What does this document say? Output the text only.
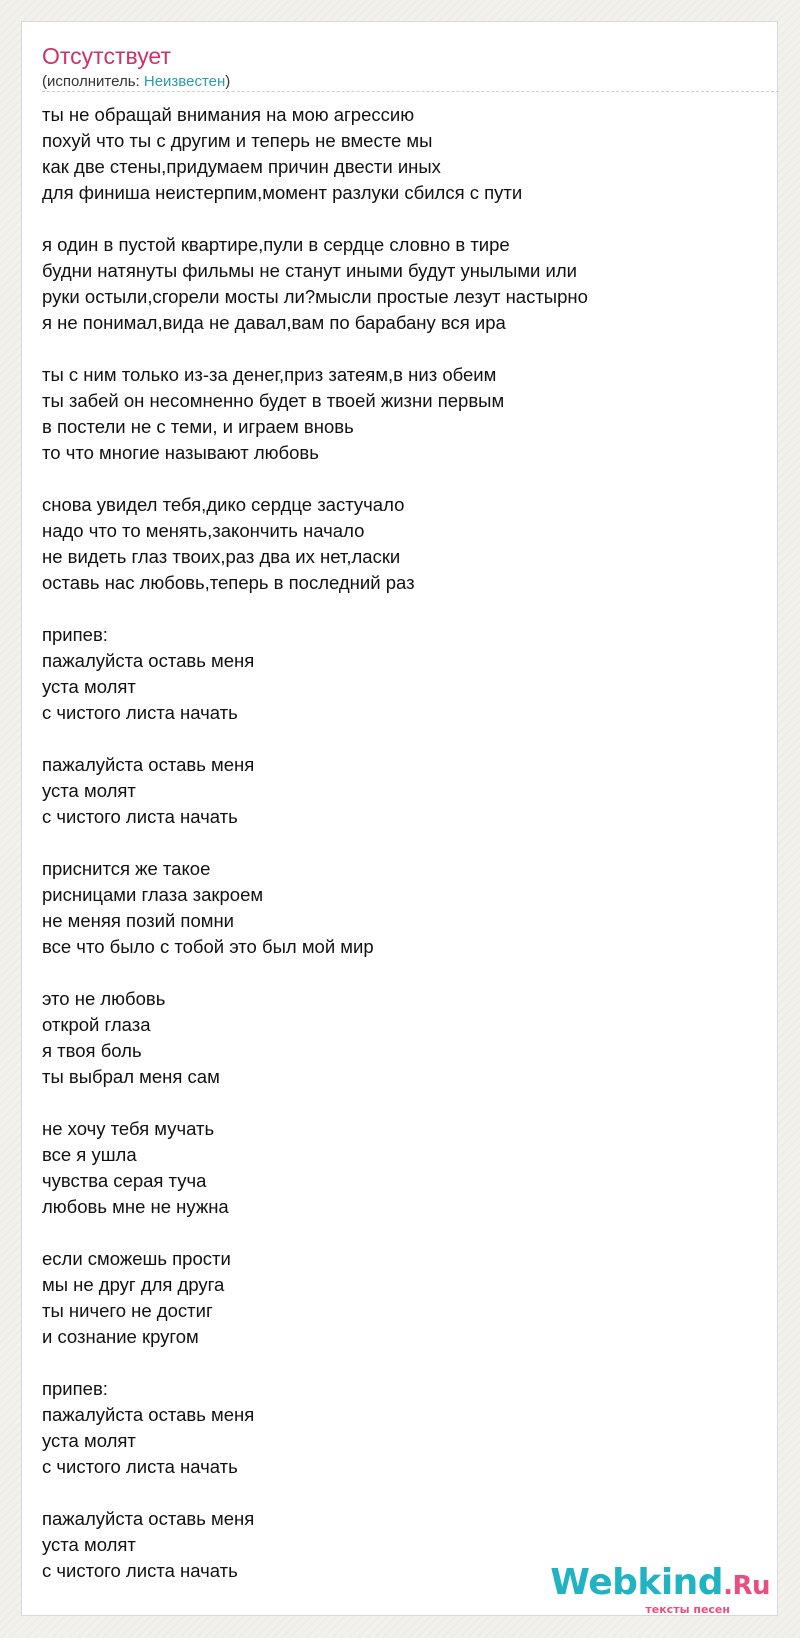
Отсутствует
(исполнитель: Неизвестен)
ты не обращай внимания на мою агрессию
похуй что ты с другим и теперь не вместе мы
как две стены,придумаем причин двести иных
для финиша неистерпим,момент разлуки сбился с пути
я один в пустой квартире,пули в сердце словно в тире
будни натянуты фильмы не станут иными будут унылыми или
руки остыли,сгорели мосты ли?мысли простые лезут настырно
я не понимал,вида не давал,вам по барабану вся ира
ты с ним только из-за денег,приз затеям,в низ обеим
ты забей он несомненно будет в твоей жизни первым
в постели не с теми, и играем вновь
то что многие называют любовь
снова увидел тебя,дико сердце застучало
надо что то менять,закончить начало
не видеть глаз твоих,раз два их нет,ласки
оставь нас любовь,теперь в последний раз
припев:
пажалуйста оставь меня
уста молят
с чистого листа начать
пажалуйста оставь меня
уста молят
с чистого листа начать
приснится же такое
рисницами глаза закроем
не меняя позий помни
все что было с тобой это был мой мир
это не любовь
открой глаза
я твоя боль
ты выбрал меня сам
не хочу тебя мучать
все я ушла
чувства серая туча
любовь мне не нужна
если сможешь прости
мы не друг для друга
ты ничего не достиг
и сознание кругом
припев:
пажалуйста оставь меня
уста молят
с чистого листа начать
пажалуйста оставь меня
уста молят
с чистого листа начать	Webkind.Ru
тексты песен
